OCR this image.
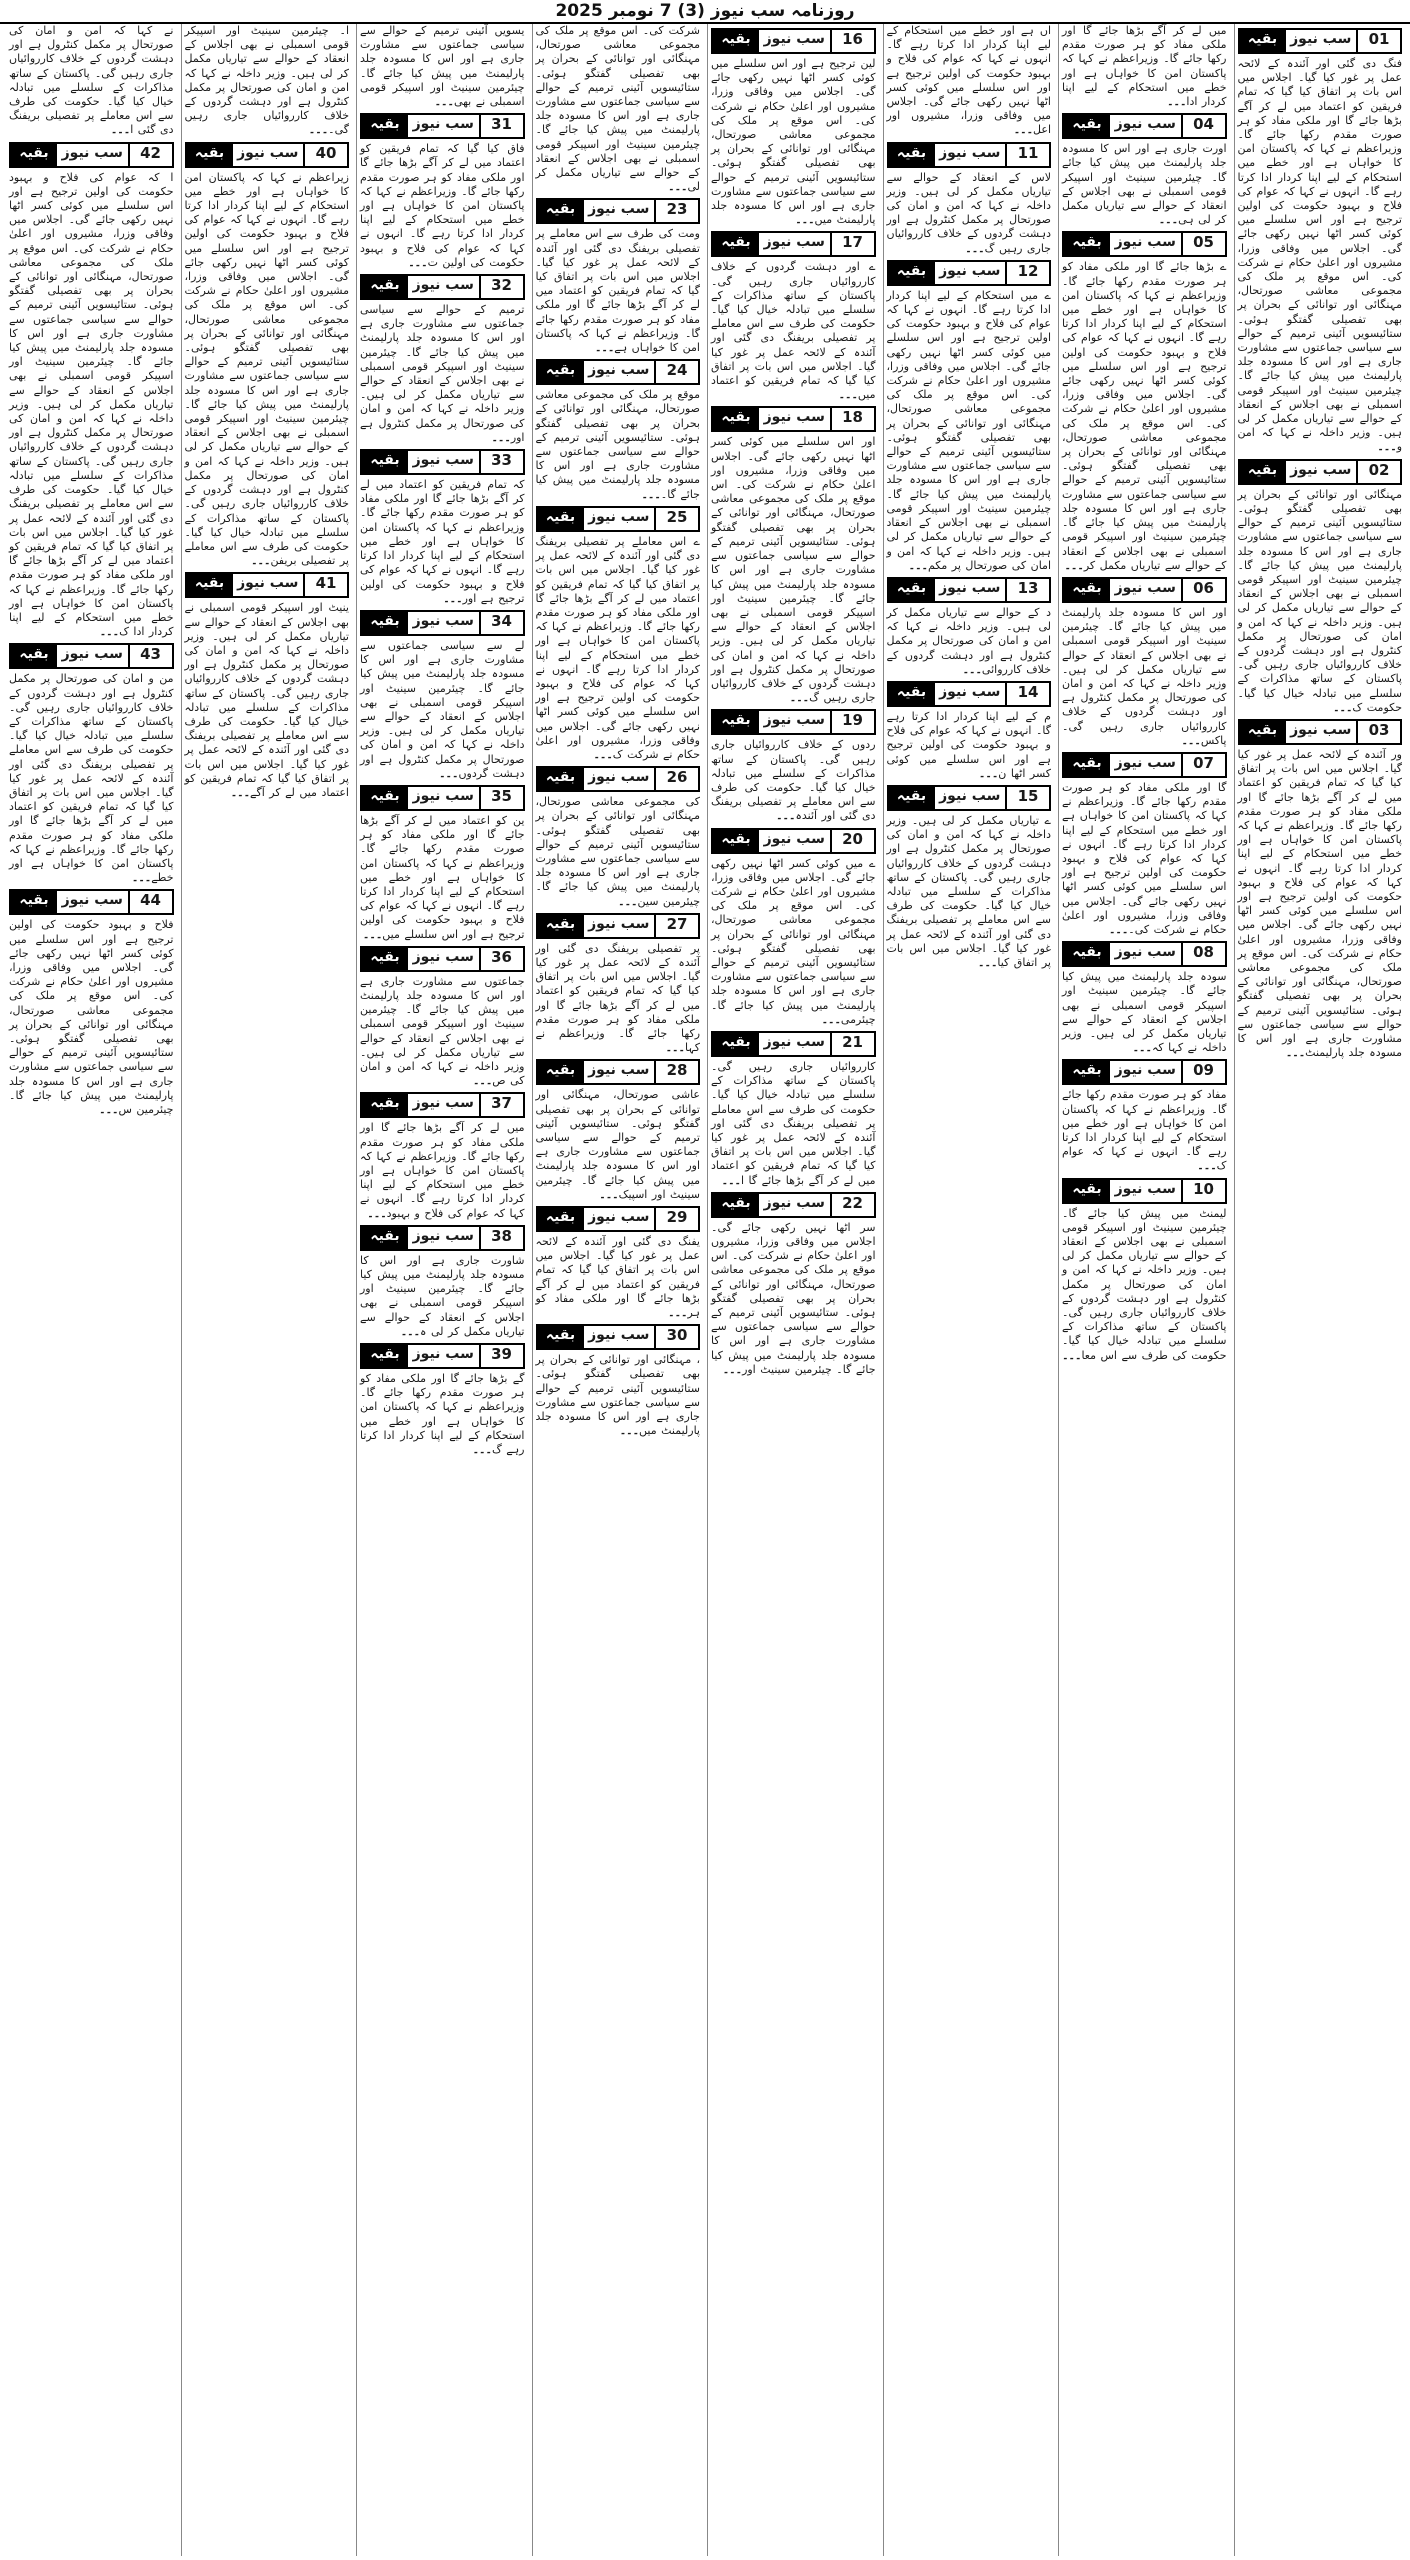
روزنامہ سب نیوز (3) 7 نومبر 2025
01
سب نیوز
بقیہ

فنگ دی گئی اور آئندہ کے لائحہ عمل پر غور کیا گیا۔ اجلاس میں اس بات پر اتفاق کیا گیا کہ تمام فریقین کو اعتماد میں لے کر آگے بڑھا جائے گا اور ملکی مفاد کو ہر صورت مقدم رکھا جائے گا۔ وزیراعظم نے کہا کہ پاکستان امن کا خواہاں ہے اور خطے میں استحکام کے لیے اپنا کردار ادا کرتا رہے گا۔ انہوں نے کہا کہ عوام کی فلاح و بہبود حکومت کی اولین ترجیح ہے اور اس سلسلے میں کوئی کسر اٹھا نہیں رکھی جائے گی۔ اجلاس میں وفاقی وزرا، مشیروں اور اعلیٰ حکام نے شرکت کی۔ اس موقع پر ملک کی مجموعی معاشی صورتحال، مہنگائی اور توانائی کے بحران پر بھی تفصیلی گفتگو ہوئی۔ ستائیسویں آئینی ترمیم کے حوالے سے سیاسی جماعتوں سے مشاورت جاری ہے اور اس کا مسودہ جلد پارلیمنٹ میں پیش کیا جائے گا۔ چیئرمین سینیٹ اور اسپیکر قومی اسمبلی نے بھی اجلاس کے انعقاد کے حوالے سے تیاریاں مکمل کر لی ہیں۔ وزیر داخلہ نے کہا کہ امن و۔۔۔

02
سب نیوز
بقیہ

مہنگائی اور توانائی کے بحران پر بھی تفصیلی گفتگو ہوئی۔ ستائیسویں آئینی ترمیم کے حوالے سے سیاسی جماعتوں سے مشاورت جاری ہے اور اس کا مسودہ جلد پارلیمنٹ میں پیش کیا جائے گا۔ چیئرمین سینیٹ اور اسپیکر قومی اسمبلی نے بھی اجلاس کے انعقاد کے حوالے سے تیاریاں مکمل کر لی ہیں۔ وزیر داخلہ نے کہا کہ امن و امان کی صورتحال پر مکمل کنٹرول ہے اور دہشت گردوں کے خلاف کارروائیاں جاری رہیں گی۔ پاکستان کے ساتھ مذاکرات کے سلسلے میں تبادلہ خیال کیا گیا۔ حکومت ک۔۔۔

03
سب نیوز
بقیہ

ور آئندہ کے لائحہ عمل پر غور کیا گیا۔ اجلاس میں اس بات پر اتفاق کیا گیا کہ تمام فریقین کو اعتماد میں لے کر آگے بڑھا جائے گا اور ملکی مفاد کو ہر صورت مقدم رکھا جائے گا۔ وزیراعظم نے کہا کہ پاکستان امن کا خواہاں ہے اور خطے میں استحکام کے لیے اپنا کردار ادا کرتا رہے گا۔ انہوں نے کہا کہ عوام کی فلاح و بہبود حکومت کی اولین ترجیح ہے اور اس سلسلے میں کوئی کسر اٹھا نہیں رکھی جائے گی۔ اجلاس میں وفاقی وزرا، مشیروں اور اعلیٰ حکام نے شرکت کی۔ اس موقع پر ملک کی مجموعی معاشی صورتحال، مہنگائی اور توانائی کے بحران پر بھی تفصیلی گفتگو ہوئی۔ ستائیسویں آئینی ترمیم کے حوالے سے سیاسی جماعتوں سے مشاورت جاری ہے اور اس کا مسودہ جلد پارلیمنٹ۔۔۔

میں لے کر آگے بڑھا جائے گا اور ملکی مفاد کو ہر صورت مقدم رکھا جائے گا۔ وزیراعظم نے کہا کہ پاکستان امن کا خواہاں ہے اور خطے میں استحکام کے لیے اپنا کردار ادا۔۔۔

04
سب نیوز
بقیہ

اورت جاری ہے اور اس کا مسودہ جلد پارلیمنٹ میں پیش کیا جائے گا۔ چیئرمین سینیٹ اور اسپیکر قومی اسمبلی نے بھی اجلاس کے انعقاد کے حوالے سے تیاریاں مکمل کر لی ہی۔۔۔

05
سب نیوز
بقیہ

ے بڑھا جائے گا اور ملکی مفاد کو ہر صورت مقدم رکھا جائے گا۔ وزیراعظم نے کہا کہ پاکستان امن کا خواہاں ہے اور خطے میں استحکام کے لیے اپنا کردار ادا کرتا رہے گا۔ انہوں نے کہا کہ عوام کی فلاح و بہبود حکومت کی اولین ترجیح ہے اور اس سلسلے میں کوئی کسر اٹھا نہیں رکھی جائے گی۔ اجلاس میں وفاقی وزرا، مشیروں اور اعلیٰ حکام نے شرکت کی۔ اس موقع پر ملک کی مجموعی معاشی صورتحال، مہنگائی اور توانائی کے بحران پر بھی تفصیلی گفتگو ہوئی۔ ستائیسویں آئینی ترمیم کے حوالے سے سیاسی جماعتوں سے مشاورت جاری ہے اور اس کا مسودہ جلد پارلیمنٹ میں پیش کیا جائے گا۔ چیئرمین سینیٹ اور اسپیکر قومی اسمبلی نے بھی اجلاس کے انعقاد کے حوالے سے تیاریاں مکمل کر۔۔۔

06
سب نیوز
بقیہ

اور اس کا مسودہ جلد پارلیمنٹ میں پیش کیا جائے گا۔ چیئرمین سینیٹ اور اسپیکر قومی اسمبلی نے بھی اجلاس کے انعقاد کے حوالے سے تیاریاں مکمل کر لی ہیں۔ وزیر داخلہ نے کہا کہ امن و امان کی صورتحال پر مکمل کنٹرول ہے اور دہشت گردوں کے خلاف کارروائیاں جاری رہیں گی۔ پاکس۔۔۔

07
سب نیوز
بقیہ

گا اور ملکی مفاد کو ہر صورت مقدم رکھا جائے گا۔ وزیراعظم نے کہا کہ پاکستان امن کا خواہاں ہے اور خطے میں استحکام کے لیے اپنا کردار ادا کرتا رہے گا۔ انہوں نے کہا کہ عوام کی فلاح و بہبود حکومت کی اولین ترجیح ہے اور اس سلسلے میں کوئی کسر اٹھا نہیں رکھی جائے گی۔ اجلاس میں وفاقی وزرا، مشیروں اور اعلیٰ حکام نے شرکت کی۔۔۔۔

08
سب نیوز
بقیہ

سودہ جلد پارلیمنٹ میں پیش کیا جائے گا۔ چیئرمین سینیٹ اور اسپیکر قومی اسمبلی نے بھی اجلاس کے انعقاد کے حوالے سے تیاریاں مکمل کر لی ہیں۔ وزیر داخلہ نے کہا کہ۔۔۔

09
سب نیوز
بقیہ

مفاد کو ہر صورت مقدم رکھا جائے گا۔ وزیراعظم نے کہا کہ پاکستان امن کا خواہاں ہے اور خطے میں استحکام کے لیے اپنا کردار ادا کرتا رہے گا۔ انہوں نے کہا کہ عوام ک۔۔۔

10
سب نیوز
بقیہ

لیمنٹ میں پیش کیا جائے گا۔ چیئرمین سینیٹ اور اسپیکر قومی اسمبلی نے بھی اجلاس کے انعقاد کے حوالے سے تیاریاں مکمل کر لی ہیں۔ وزیر داخلہ نے کہا کہ امن و امان کی صورتحال پر مکمل کنٹرول ہے اور دہشت گردوں کے خلاف کارروائیاں جاری رہیں گی۔ پاکستان کے ساتھ مذاکرات کے سلسلے میں تبادلہ خیال کیا گیا۔ حکومت کی طرف سے اس معا۔۔۔

اں ہے اور خطے میں استحکام کے لیے اپنا کردار ادا کرتا رہے گا۔ انہوں نے کہا کہ عوام کی فلاح و بہبود حکومت کی اولین ترجیح ہے اور اس سلسلے میں کوئی کسر اٹھا نہیں رکھی جائے گی۔ اجلاس میں وفاقی وزرا، مشیروں اور اعل۔۔۔

11
سب نیوز
بقیہ

لاس کے انعقاد کے حوالے سے تیاریاں مکمل کر لی ہیں۔ وزیر داخلہ نے کہا کہ امن و امان کی صورتحال پر مکمل کنٹرول ہے اور دہشت گردوں کے خلاف کارروائیاں جاری رہیں گ۔۔۔

12
سب نیوز
بقیہ

ے میں استحکام کے لیے اپنا کردار ادا کرتا رہے گا۔ انہوں نے کہا کہ عوام کی فلاح و بہبود حکومت کی اولین ترجیح ہے اور اس سلسلے میں کوئی کسر اٹھا نہیں رکھی جائے گی۔ اجلاس میں وفاقی وزرا، مشیروں اور اعلیٰ حکام نے شرکت کی۔ اس موقع پر ملک کی مجموعی معاشی صورتحال، مہنگائی اور توانائی کے بحران پر بھی تفصیلی گفتگو ہوئی۔ ستائیسویں آئینی ترمیم کے حوالے سے سیاسی جماعتوں سے مشاورت جاری ہے اور اس کا مسودہ جلد پارلیمنٹ میں پیش کیا جائے گا۔ چیئرمین سینیٹ اور اسپیکر قومی اسمبلی نے بھی اجلاس کے انعقاد کے حوالے سے تیاریاں مکمل کر لی ہیں۔ وزیر داخلہ نے کہا کہ امن و امان کی صورتحال پر مکم۔۔۔

13
سب نیوز
بقیہ

د کے حوالے سے تیاریاں مکمل کر لی ہیں۔ وزیر داخلہ نے کہا کہ امن و امان کی صورتحال پر مکمل کنٹرول ہے اور دہشت گردوں کے خلاف کارروائی۔۔۔

14
سب نیوز
بقیہ

م کے لیے اپنا کردار ادا کرتا رہے گا۔ انہوں نے کہا کہ عوام کی فلاح و بہبود حکومت کی اولین ترجیح ہے اور اس سلسلے میں کوئی کسر اٹھا ن۔۔۔

15
سب نیوز
بقیہ

ے تیاریاں مکمل کر لی ہیں۔ وزیر داخلہ نے کہا کہ امن و امان کی صورتحال پر مکمل کنٹرول ہے اور دہشت گردوں کے خلاف کارروائیاں جاری رہیں گی۔ پاکستان کے ساتھ مذاکرات کے سلسلے میں تبادلہ خیال کیا گیا۔ حکومت کی طرف سے اس معاملے پر تفصیلی بریفنگ دی گئی اور آئندہ کے لائحہ عمل پر غور کیا گیا۔ اجلاس میں اس بات پر اتفاق کیا۔۔۔

16
سب نیوز
بقیہ

لین ترجیح ہے اور اس سلسلے میں کوئی کسر اٹھا نہیں رکھی جائے گی۔ اجلاس میں وفاقی وزرا، مشیروں اور اعلیٰ حکام نے شرکت کی۔ اس موقع پر ملک کی مجموعی معاشی صورتحال، مہنگائی اور توانائی کے بحران پر بھی تفصیلی گفتگو ہوئی۔ ستائیسویں آئینی ترمیم کے حوالے سے سیاسی جماعتوں سے مشاورت جاری ہے اور اس کا مسودہ جلد پارلیمنٹ میں۔۔۔

17
سب نیوز
بقیہ

ے اور دہشت گردوں کے خلاف کارروائیاں جاری رہیں گی۔ پاکستان کے ساتھ مذاکرات کے سلسلے میں تبادلہ خیال کیا گیا۔ حکومت کی طرف سے اس معاملے پر تفصیلی بریفنگ دی گئی اور آئندہ کے لائحہ عمل پر غور کیا گیا۔ اجلاس میں اس بات پر اتفاق کیا گیا کہ تمام فریقین کو اعتماد میں۔۔۔

18
سب نیوز
بقیہ

اور اس سلسلے میں کوئی کسر اٹھا نہیں رکھی جائے گی۔ اجلاس میں وفاقی وزرا، مشیروں اور اعلیٰ حکام نے شرکت کی۔ اس موقع پر ملک کی مجموعی معاشی صورتحال، مہنگائی اور توانائی کے بحران پر بھی تفصیلی گفتگو ہوئی۔ ستائیسویں آئینی ترمیم کے حوالے سے سیاسی جماعتوں سے مشاورت جاری ہے اور اس کا مسودہ جلد پارلیمنٹ میں پیش کیا جائے گا۔ چیئرمین سینیٹ اور اسپیکر قومی اسمبلی نے بھی اجلاس کے انعقاد کے حوالے سے تیاریاں مکمل کر لی ہیں۔ وزیر داخلہ نے کہا کہ امن و امان کی صورتحال پر مکمل کنٹرول ہے اور دہشت گردوں کے خلاف کارروائیاں جاری رہیں گ۔۔۔

19
سب نیوز
بقیہ

ردوں کے خلاف کارروائیاں جاری رہیں گی۔ پاکستان کے ساتھ مذاکرات کے سلسلے میں تبادلہ خیال کیا گیا۔ حکومت کی طرف سے اس معاملے پر تفصیلی بریفنگ دی گئی اور آئندہ۔۔۔

20
سب نیوز
بقیہ

ے میں کوئی کسر اٹھا نہیں رکھی جائے گی۔ اجلاس میں وفاقی وزرا، مشیروں اور اعلیٰ حکام نے شرکت کی۔ اس موقع پر ملک کی مجموعی معاشی صورتحال، مہنگائی اور توانائی کے بحران پر بھی تفصیلی گفتگو ہوئی۔ ستائیسویں آئینی ترمیم کے حوالے سے سیاسی جماعتوں سے مشاورت جاری ہے اور اس کا مسودہ جلد پارلیمنٹ میں پیش کیا جائے گا۔ چیئرمی۔۔۔

21
سب نیوز
بقیہ

کارروائیاں جاری رہیں گی۔ پاکستان کے ساتھ مذاکرات کے سلسلے میں تبادلہ خیال کیا گیا۔ حکومت کی طرف سے اس معاملے پر تفصیلی بریفنگ دی گئی اور آئندہ کے لائحہ عمل پر غور کیا گیا۔ اجلاس میں اس بات پر اتفاق کیا گیا کہ تمام فریقین کو اعتماد میں لے کر آگے بڑھا جائے گا ا۔۔۔

22
سب نیوز
بقیہ

سر اٹھا نہیں رکھی جائے گی۔ اجلاس میں وفاقی وزرا، مشیروں اور اعلیٰ حکام نے شرکت کی۔ اس موقع پر ملک کی مجموعی معاشی صورتحال، مہنگائی اور توانائی کے بحران پر بھی تفصیلی گفتگو ہوئی۔ ستائیسویں آئینی ترمیم کے حوالے سے سیاسی جماعتوں سے مشاورت جاری ہے اور اس کا مسودہ جلد پارلیمنٹ میں پیش کیا جائے گا۔ چیئرمین سینیٹ اور۔۔۔

شرکت کی۔ اس موقع پر ملک کی مجموعی معاشی صورتحال، مہنگائی اور توانائی کے بحران پر بھی تفصیلی گفتگو ہوئی۔ ستائیسویں آئینی ترمیم کے حوالے سے سیاسی جماعتوں سے مشاورت جاری ہے اور اس کا مسودہ جلد پارلیمنٹ میں پیش کیا جائے گا۔ چیئرمین سینیٹ اور اسپیکر قومی اسمبلی نے بھی اجلاس کے انعقاد کے حوالے سے تیاریاں مکمل کر لی۔۔۔

23
سب نیوز
بقیہ

ومت کی طرف سے اس معاملے پر تفصیلی بریفنگ دی گئی اور آئندہ کے لائحہ عمل پر غور کیا گیا۔ اجلاس میں اس بات پر اتفاق کیا گیا کہ تمام فریقین کو اعتماد میں لے کر آگے بڑھا جائے گا اور ملکی مفاد کو ہر صورت مقدم رکھا جائے گا۔ وزیراعظم نے کہا کہ پاکستان امن کا خواہاں ہے۔۔۔

24
سب نیوز
بقیہ

موقع پر ملک کی مجموعی معاشی صورتحال، مہنگائی اور توانائی کے بحران پر بھی تفصیلی گفتگو ہوئی۔ ستائیسویں آئینی ترمیم کے حوالے سے سیاسی جماعتوں سے مشاورت جاری ہے اور اس کا مسودہ جلد پارلیمنٹ میں پیش کیا جائے گا۔۔۔۔

25
سب نیوز
بقیہ

ے اس معاملے پر تفصیلی بریفنگ دی گئی اور آئندہ کے لائحہ عمل پر غور کیا گیا۔ اجلاس میں اس بات پر اتفاق کیا گیا کہ تمام فریقین کو اعتماد میں لے کر آگے بڑھا جائے گا اور ملکی مفاد کو ہر صورت مقدم رکھا جائے گا۔ وزیراعظم نے کہا کہ پاکستان امن کا خواہاں ہے اور خطے میں استحکام کے لیے اپنا کردار ادا کرتا رہے گا۔ انہوں نے کہا کہ عوام کی فلاح و بہبود حکومت کی اولین ترجیح ہے اور اس سلسلے میں کوئی کسر اٹھا نہیں رکھی جائے گی۔ اجلاس میں وفاقی وزرا، مشیروں اور اعلیٰ حکام نے شرکت ک۔۔۔

26
سب نیوز
بقیہ

کی مجموعی معاشی صورتحال، مہنگائی اور توانائی کے بحران پر بھی تفصیلی گفتگو ہوئی۔ ستائیسویں آئینی ترمیم کے حوالے سے سیاسی جماعتوں سے مشاورت جاری ہے اور اس کا مسودہ جلد پارلیمنٹ میں پیش کیا جائے گا۔ چیئرمین سین۔۔۔

27
سب نیوز
بقیہ

پر تفصیلی بریفنگ دی گئی اور آئندہ کے لائحہ عمل پر غور کیا گیا۔ اجلاس میں اس بات پر اتفاق کیا گیا کہ تمام فریقین کو اعتماد میں لے کر آگے بڑھا جائے گا اور ملکی مفاد کو ہر صورت مقدم رکھا جائے گا۔ وزیراعظم نے کہا۔۔۔

28
سب نیوز
بقیہ

عاشی صورتحال، مہنگائی اور توانائی کے بحران پر بھی تفصیلی گفتگو ہوئی۔ ستائیسویں آئینی ترمیم کے حوالے سے سیاسی جماعتوں سے مشاورت جاری ہے اور اس کا مسودہ جلد پارلیمنٹ میں پیش کیا جائے گا۔ چیئرمین سینیٹ اور اسپیک۔۔۔

29
سب نیوز
بقیہ

یفنگ دی گئی اور آئندہ کے لائحہ عمل پر غور کیا گیا۔ اجلاس میں اس بات پر اتفاق کیا گیا کہ تمام فریقین کو اعتماد میں لے کر آگے بڑھا جائے گا اور ملکی مفاد کو ہر۔۔۔

30
سب نیوز
بقیہ

، مہنگائی اور توانائی کے بحران پر بھی تفصیلی گفتگو ہوئی۔ ستائیسویں آئینی ترمیم کے حوالے سے سیاسی جماعتوں سے مشاورت جاری ہے اور اس کا مسودہ جلد پارلیمنٹ میں۔۔۔

یسویں آئینی ترمیم کے حوالے سے سیاسی جماعتوں سے مشاورت جاری ہے اور اس کا مسودہ جلد پارلیمنٹ میں پیش کیا جائے گا۔ چیئرمین سینیٹ اور اسپیکر قومی اسمبلی نے بھی۔۔۔

31
سب نیوز
بقیہ

فاق کیا گیا کہ تمام فریقین کو اعتماد میں لے کر آگے بڑھا جائے گا اور ملکی مفاد کو ہر صورت مقدم رکھا جائے گا۔ وزیراعظم نے کہا کہ پاکستان امن کا خواہاں ہے اور خطے میں استحکام کے لیے اپنا کردار ادا کرتا رہے گا۔ انہوں نے کہا کہ عوام کی فلاح و بہبود حکومت کی اولین ت۔۔۔

32
سب نیوز
بقیہ

ترمیم کے حوالے سے سیاسی جماعتوں سے مشاورت جاری ہے اور اس کا مسودہ جلد پارلیمنٹ میں پیش کیا جائے گا۔ چیئرمین سینیٹ اور اسپیکر قومی اسمبلی نے بھی اجلاس کے انعقاد کے حوالے سے تیاریاں مکمل کر لی ہیں۔ وزیر داخلہ نے کہا کہ امن و امان کی صورتحال پر مکمل کنٹرول ہے اور۔۔۔

33
سب نیوز
بقیہ

کہ تمام فریقین کو اعتماد میں لے کر آگے بڑھا جائے گا اور ملکی مفاد کو ہر صورت مقدم رکھا جائے گا۔ وزیراعظم نے کہا کہ پاکستان امن کا خواہاں ہے اور خطے میں استحکام کے لیے اپنا کردار ادا کرتا رہے گا۔ انہوں نے کہا کہ عوام کی فلاح و بہبود حکومت کی اولین ترجیح ہے اور۔۔۔

34
سب نیوز
بقیہ

لے سے سیاسی جماعتوں سے مشاورت جاری ہے اور اس کا مسودہ جلد پارلیمنٹ میں پیش کیا جائے گا۔ چیئرمین سینیٹ اور اسپیکر قومی اسمبلی نے بھی اجلاس کے انعقاد کے حوالے سے تیاریاں مکمل کر لی ہیں۔ وزیر داخلہ نے کہا کہ امن و امان کی صورتحال پر مکمل کنٹرول ہے اور دہشت گردوں۔۔۔

35
سب نیوز
بقیہ

ین کو اعتماد میں لے کر آگے بڑھا جائے گا اور ملکی مفاد کو ہر صورت مقدم رکھا جائے گا۔ وزیراعظم نے کہا کہ پاکستان امن کا خواہاں ہے اور خطے میں استحکام کے لیے اپنا کردار ادا کرتا رہے گا۔ انہوں نے کہا کہ عوام کی فلاح و بہبود حکومت کی اولین ترجیح ہے اور اس سلسلے میں۔۔۔

36
سب نیوز
بقیہ

جماعتوں سے مشاورت جاری ہے اور اس کا مسودہ جلد پارلیمنٹ میں پیش کیا جائے گا۔ چیئرمین سینیٹ اور اسپیکر قومی اسمبلی نے بھی اجلاس کے انعقاد کے حوالے سے تیاریاں مکمل کر لی ہیں۔ وزیر داخلہ نے کہا کہ امن و امان کی ص۔۔۔

37
سب نیوز
بقیہ

میں لے کر آگے بڑھا جائے گا اور ملکی مفاد کو ہر صورت مقدم رکھا جائے گا۔ وزیراعظم نے کہا کہ پاکستان امن کا خواہاں ہے اور خطے میں استحکام کے لیے اپنا کردار ادا کرتا رہے گا۔ انہوں نے کہا کہ عوام کی فلاح و بہبود۔۔۔

38
سب نیوز
بقیہ

شاورت جاری ہے اور اس کا مسودہ جلد پارلیمنٹ میں پیش کیا جائے گا۔ چیئرمین سینیٹ اور اسپیکر قومی اسمبلی نے بھی اجلاس کے انعقاد کے حوالے سے تیاریاں مکمل کر لی ہ۔۔۔

39
سب نیوز
بقیہ

گے بڑھا جائے گا اور ملکی مفاد کو ہر صورت مقدم رکھا جائے گا۔ وزیراعظم نے کہا کہ پاکستان امن کا خواہاں ہے اور خطے میں استحکام کے لیے اپنا کردار ادا کرتا رہے گ۔۔۔

ا۔ چیئرمین سینیٹ اور اسپیکر قومی اسمبلی نے بھی اجلاس کے انعقاد کے حوالے سے تیاریاں مکمل کر لی ہیں۔ وزیر داخلہ نے کہا کہ امن و امان کی صورتحال پر مکمل کنٹرول ہے اور دہشت گردوں کے خلاف کارروائیاں جاری رہیں گی۔۔۔۔

40
سب نیوز
بقیہ

زیراعظم نے کہا کہ پاکستان امن کا خواہاں ہے اور خطے میں استحکام کے لیے اپنا کردار ادا کرتا رہے گا۔ انہوں نے کہا کہ عوام کی فلاح و بہبود حکومت کی اولین ترجیح ہے اور اس سلسلے میں کوئی کسر اٹھا نہیں رکھی جائے گی۔ اجلاس میں وفاقی وزرا، مشیروں اور اعلیٰ حکام نے شرکت کی۔ اس موقع پر ملک کی مجموعی معاشی صورتحال، مہنگائی اور توانائی کے بحران پر بھی تفصیلی گفتگو ہوئی۔ ستائیسویں آئینی ترمیم کے حوالے سے سیاسی جماعتوں سے مشاورت جاری ہے اور اس کا مسودہ جلد پارلیمنٹ میں پیش کیا جائے گا۔ چیئرمین سینیٹ اور اسپیکر قومی اسمبلی نے بھی اجلاس کے انعقاد کے حوالے سے تیاریاں مکمل کر لی ہیں۔ وزیر داخلہ نے کہا کہ امن و امان کی صورتحال پر مکمل کنٹرول ہے اور دہشت گردوں کے خلاف کارروائیاں جاری رہیں گی۔ پاکستان کے ساتھ مذاکرات کے سلسلے میں تبادلہ خیال کیا گیا۔ حکومت کی طرف سے اس معاملے پر تفصیلی بریفن۔۔۔

41
سب نیوز
بقیہ

ینیٹ اور اسپیکر قومی اسمبلی نے بھی اجلاس کے انعقاد کے حوالے سے تیاریاں مکمل کر لی ہیں۔ وزیر داخلہ نے کہا کہ امن و امان کی صورتحال پر مکمل کنٹرول ہے اور دہشت گردوں کے خلاف کارروائیاں جاری رہیں گی۔ پاکستان کے ساتھ مذاکرات کے سلسلے میں تبادلہ خیال کیا گیا۔ حکومت کی طرف سے اس معاملے پر تفصیلی بریفنگ دی گئی اور آئندہ کے لائحہ عمل پر غور کیا گیا۔ اجلاس میں اس بات پر اتفاق کیا گیا کہ تمام فریقین کو اعتماد میں لے کر آگے۔۔۔

نے کہا کہ امن و امان کی صورتحال پر مکمل کنٹرول ہے اور دہشت گردوں کے خلاف کارروائیاں جاری رہیں گی۔ پاکستان کے ساتھ مذاکرات کے سلسلے میں تبادلہ خیال کیا گیا۔ حکومت کی طرف سے اس معاملے پر تفصیلی بریفنگ دی گئی ا۔۔۔

42
سب نیوز
بقیہ

ا کہ عوام کی فلاح و بہبود حکومت کی اولین ترجیح ہے اور اس سلسلے میں کوئی کسر اٹھا نہیں رکھی جائے گی۔ اجلاس میں وفاقی وزرا، مشیروں اور اعلیٰ حکام نے شرکت کی۔ اس موقع پر ملک کی مجموعی معاشی صورتحال، مہنگائی اور توانائی کے بحران پر بھی تفصیلی گفتگو ہوئی۔ ستائیسویں آئینی ترمیم کے حوالے سے سیاسی جماعتوں سے مشاورت جاری ہے اور اس کا مسودہ جلد پارلیمنٹ میں پیش کیا جائے گا۔ چیئرمین سینیٹ اور اسپیکر قومی اسمبلی نے بھی اجلاس کے انعقاد کے حوالے سے تیاریاں مکمل کر لی ہیں۔ وزیر داخلہ نے کہا کہ امن و امان کی صورتحال پر مکمل کنٹرول ہے اور دہشت گردوں کے خلاف کارروائیاں جاری رہیں گی۔ پاکستان کے ساتھ مذاکرات کے سلسلے میں تبادلہ خیال کیا گیا۔ حکومت کی طرف سے اس معاملے پر تفصیلی بریفنگ دی گئی اور آئندہ کے لائحہ عمل پر غور کیا گیا۔ اجلاس میں اس بات پر اتفاق کیا گیا کہ تمام فریقین کو اعتماد میں لے کر آگے بڑھا جائے گا اور ملکی مفاد کو ہر صورت مقدم رکھا جائے گا۔ وزیراعظم نے کہا کہ پاکستان امن کا خواہاں ہے اور خطے میں استحکام کے لیے اپنا کردار ادا ک۔۔۔

43
سب نیوز
بقیہ

من و امان کی صورتحال پر مکمل کنٹرول ہے اور دہشت گردوں کے خلاف کارروائیاں جاری رہیں گی۔ پاکستان کے ساتھ مذاکرات کے سلسلے میں تبادلہ خیال کیا گیا۔ حکومت کی طرف سے اس معاملے پر تفصیلی بریفنگ دی گئی اور آئندہ کے لائحہ عمل پر غور کیا گیا۔ اجلاس میں اس بات پر اتفاق کیا گیا کہ تمام فریقین کو اعتماد میں لے کر آگے بڑھا جائے گا اور ملکی مفاد کو ہر صورت مقدم رکھا جائے گا۔ وزیراعظم نے کہا کہ پاکستان امن کا خواہاں ہے اور خطے۔۔۔

44
سب نیوز
بقیہ

فلاح و بہبود حکومت کی اولین ترجیح ہے اور اس سلسلے میں کوئی کسر اٹھا نہیں رکھی جائے گی۔ اجلاس میں وفاقی وزرا، مشیروں اور اعلیٰ حکام نے شرکت کی۔ اس موقع پر ملک کی مجموعی معاشی صورتحال، مہنگائی اور توانائی کے بحران پر بھی تفصیلی گفتگو ہوئی۔ ستائیسویں آئینی ترمیم کے حوالے سے سیاسی جماعتوں سے مشاورت جاری ہے اور اس کا مسودہ جلد پارلیمنٹ میں پیش کیا جائے گا۔ چیئرمین س۔۔۔
